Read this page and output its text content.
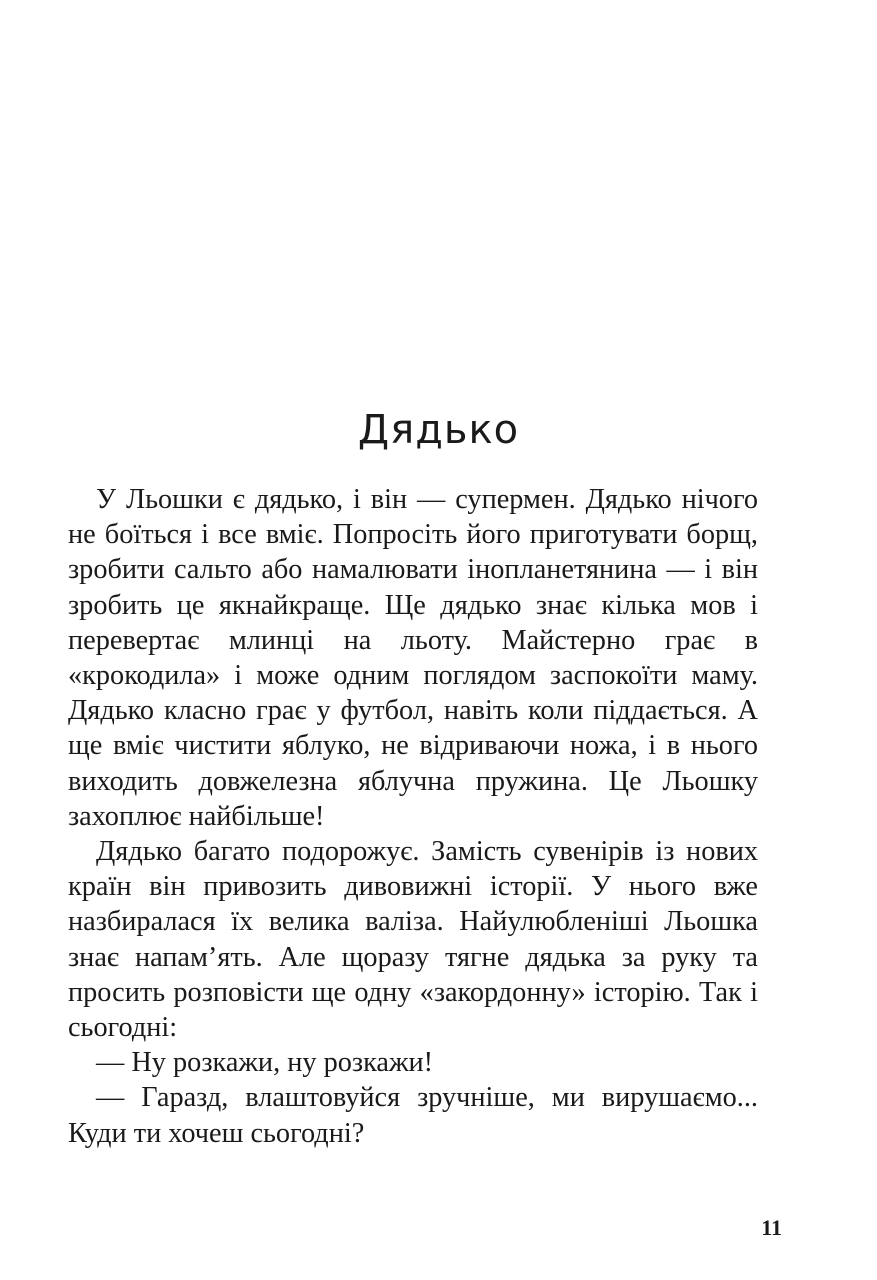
Дядько

У Льошки є дядько, і він — супермен. Дядько нічого не боїться і все вміє. Попросіть його приготувати борщ, зробити сальто або намалювати інопланетянина — і він зробить це якнайкраще. Ще дядько знає кілька мов і перевертає млинці на льоту. Майстерно грає в «крокодила» і може одним поглядом заспокоїти маму. Дядько класно грає у футбол, навіть коли піддається. А ще вміє чистити яблуко, не відриваючи ножа, і в нього виходить довжелезна яблучна пружина. Це Льошку захоплює найбільше!

Дядько багато подорожує. Замість сувенірів із нових країн він привозить дивовижні історії. У нього вже назбиралася їх велика валіза. Найулюбленіші Льошка знає напам’ять. Але щоразу тягне дядька за руку та просить розповісти ще одну «закордонну» історію. Так і сьогодні:

— Ну розкажи, ну розкажи!

— Гаразд, влаштовуйся зручніше, ми вирушаємо... Куди ти хочеш сьогодні?

11
